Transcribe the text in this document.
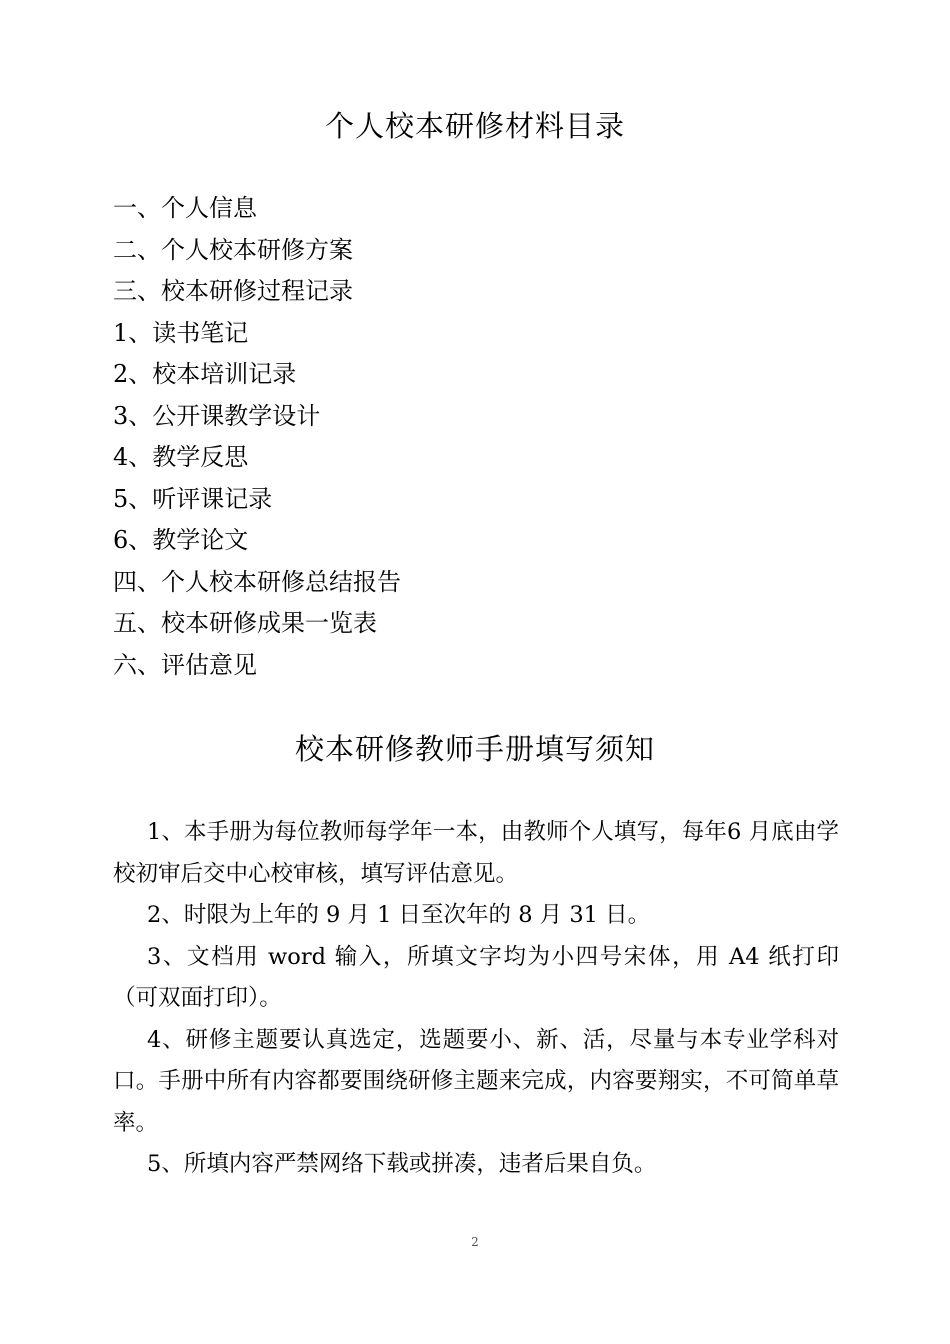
个人校本研修材料目录
一、个人信息
二、个人校本研修方案
三、校本研修过程记录
1、读书笔记
2、校本培训记录
3、公开课教学设计
4、教学反思
5、听评课记录
6、教学论文
四、个人校本研修总结报告
五、校本研修成果一览表
六、评估意见
校本研修教师手册填写须知

1、本手册为每位教师每学年一本，由教师个人填写，每年6 月底由学校初审后交中心校审核，填写评估意见。

2、时限为上年的 9 月 1 日至次年的 8 月 31 日。

3、文档用 word 输入，所填文字均为小四号宋体，用 A4 纸打印（可双面打印）。

4、研修主题要认真选定，选题要小、新、活，尽量与本专业学科对口。手册中所有内容都要围绕研修主题来完成，内容要翔实，不可简单草率。

5、所填内容严禁网络下载或拼凑，违者后果自负。

2
